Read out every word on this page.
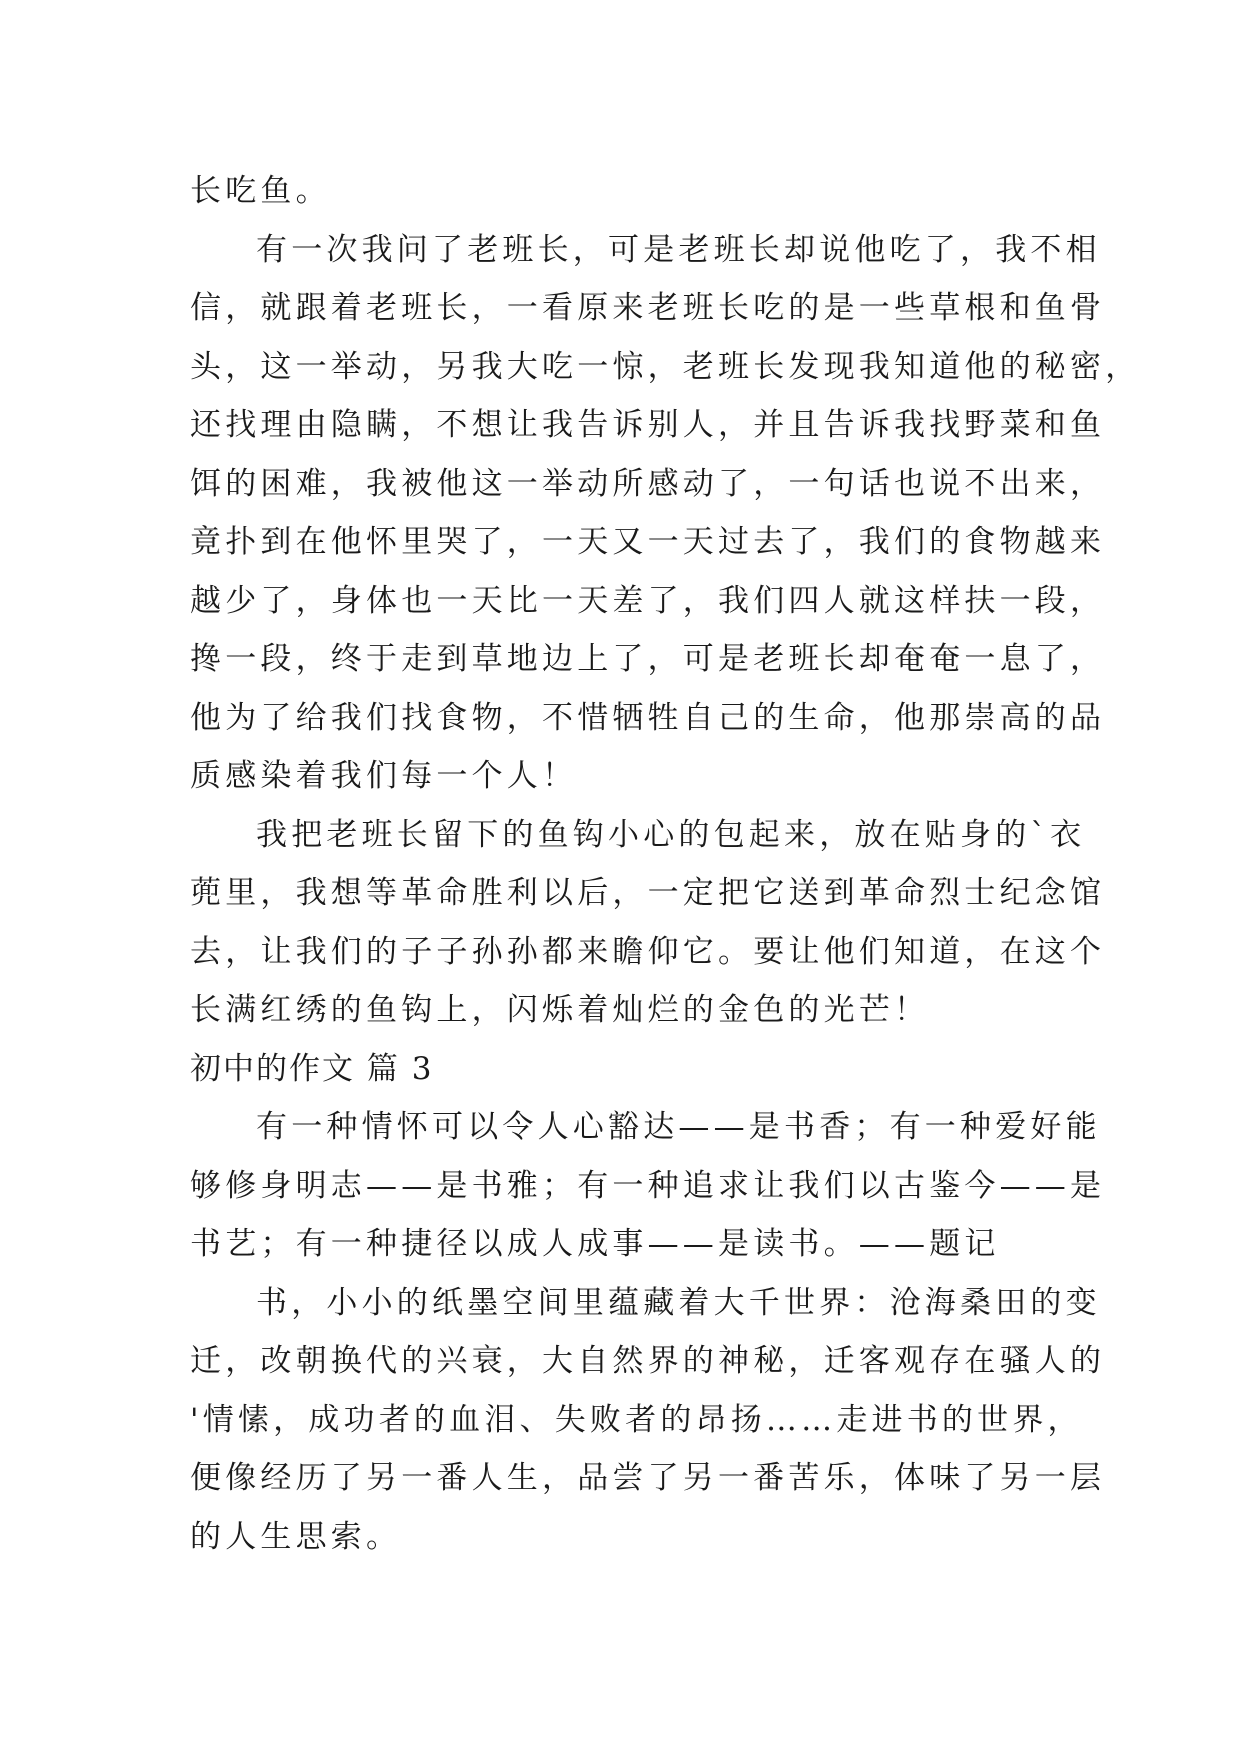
长吃鱼。
有一次我问了老班长，可是老班长却说他吃了，我不相
信，就跟着老班长，一看原来老班长吃的是一些草根和鱼骨
头，这一举动，另我大吃一惊，老班长发现我知道他的秘密，
还找理由隐瞒，不想让我告诉别人，并且告诉我找野菜和鱼
饵的困难，我被他这一举动所感动了，一句话也说不出来，
竟扑到在他怀里哭了，一天又一天过去了，我们的食物越来
越少了，身体也一天比一天差了，我们四人就这样扶一段，
搀一段，终于走到草地边上了，可是老班长却奄奄一息了，
他为了给我们找食物，不惜牺牲自己的生命，他那崇高的品
质感染着我们每一个人！
我把老班长留下的鱼钩小心的包起来，放在贴身的`衣
蔸里，我想等革命胜利以后，一定把它送到革命烈士纪念馆
去，让我们的子子孙孙都来瞻仰它。要让他们知道，在这个
长满红绣的鱼钩上，闪烁着灿烂的金色的光芒！
初中的作文 篇 3
有一种情怀可以令人心豁达——是书香；有一种爱好能
够修身明志——是书雅；有一种追求让我们以古鉴今——是
书艺；有一种捷径以成人成事——是读书。——题记
书，小小的纸墨空间里蕴藏着大千世界：沧海桑田的变
迁，改朝换代的兴衰，大自然界的神秘，迁客观存在骚人的
'情愫，成功者的血泪、失败者的昂扬……走进书的世界，
便像经历了另一番人生，品尝了另一番苦乐，体味了另一层
的人生思索。
